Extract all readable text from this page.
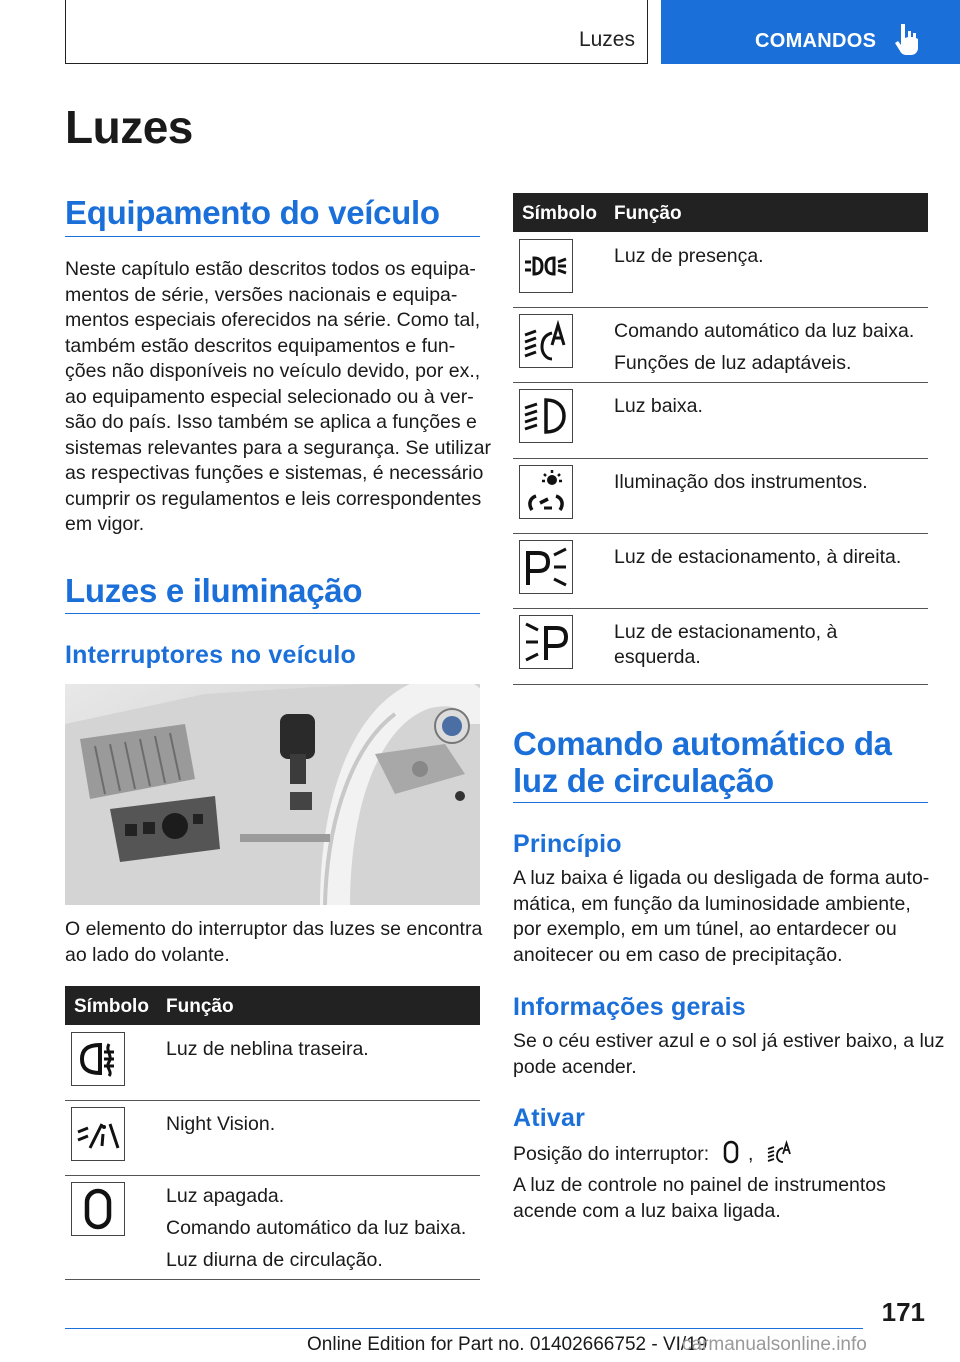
Luzes	COMANDOS
Luzes
Equipamento do veículo
Neste capítulo estão descritos todos os equipa‐
mentos de série, versões nacionais e equipa‐
mentos especiais oferecidos na série. Como tal,
também estão descritos equipamentos e fun‐
ções não disponíveis no veículo devido, por ex.,
ao equipamento especial selecionado ou à ver‐
são do país. Isso também se aplica a funções e
sistemas relevantes para a segurança. Se utilizar
as respectivas funções e sistemas, é necessário
cumprir os regulamentos e leis correspondentes
em vigor.
Luzes e iluminação
Interruptores no veículo
O elemento do interruptor das luzes se encontra
ao lado do volante.
Símbolo Função
Luz de neblina traseira.
Night Vision.
Luz apagada.
Comando automático da luz baixa.
Luz diurna de circulação.
Símbolo Função
Luz de presença.
Comando automático da luz baixa.
Funções de luz adaptáveis.
Luz baixa.
Iluminação dos instrumentos.
Luz de estacionamento, à direita.
Luz de estacionamento, à esquerda.
Comando automático da
luz de circulação
Princípio
A luz baixa é ligada ou desligada de forma auto‐
mática, em função da luminosidade ambiente,
por exemplo, em um túnel, ao entardecer ou
anoitecer ou em caso de precipitação.
Informações gerais
Se o céu estiver azul e o sol já estiver baixo, a luz
pode acender.
Ativar
Posição do interruptor: ,
A luz de controle no painel de instrumentos
acende com a luz baixa ligada.
171
Online Edition for Part no. 01402666752 - VI/19
carmanualsonline.info
